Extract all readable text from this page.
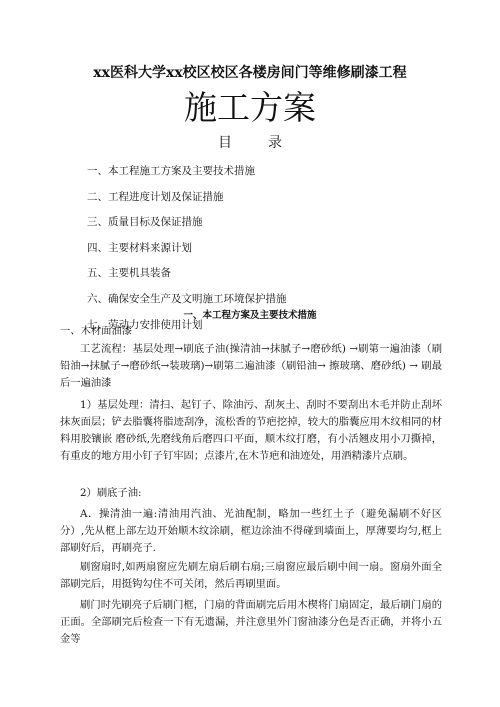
xx医科大学xx校区校区各楼房间门等维修刷漆工程
施工方案
目录
一、本工程施工方案及主要技术措施
二、工程进度计划及保证措施
三、质量目标及保证措施
四、主要材料来源计划
五、主要机具装备
六、确保安全生产及文明施工环境保护措施
七、劳动力安排使用计划
一、本工程方案及主要技术措施
一、木材面油漆

工艺流程：基层处理→刷底子油(操清油→抹腻子→磨砂纸) →刷第一遍油漆（刷铅油→抹腻子→磨砂纸→装玻璃)→刷第二遍油漆（刷铅油→ 擦玻璃、磨砂纸) → 刷最后一遍油漆

1）基层处理：清扫、起钉子、除油污、刮灰土、刮时不要刮出木毛并防止刮坏抹灰面层；铲去脂囊将脂迹刮净，流松香的节疤挖掉，较大的脂囊应用木纹相同的材料用胶镶嵌 磨砂纸,先磨线角后磨四口平面，顺木纹打磨，有小活翘皮用小刀撕掉，有重皮的地方用小钉子钉牢固；点漆片,在木节疤和油迹处，用酒精漆片点刷。

2）刷底子油:

A．操清油一遍:清油用汽油、光油配制，略加一些红土子（避免漏刷不好区分）,先从框上部左边开始顺木纹涂刷，框边涂油不得碰到墙面上，厚薄要均匀,框上部刷好后，再刷亮子.

刷窗扇时,如两扇窗应先刷左扇后刷右扇;三扇窗应最后刷中间一扇。窗扇外面全部刷完后，用挺钩勾住不可关闭，然后再刷里面。

刷门时先刷亮子后刷门框，门扇的背面刷完后用木楔将门扇固定，最后刷门扇的正面。全部刷完后检查一下有无遗漏，并注意里外门窗油漆分色是否正确，并将小五金等
